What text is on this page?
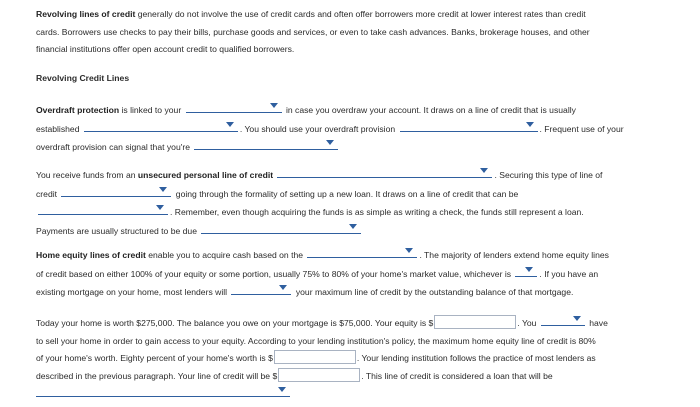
Revolving lines of credit generally do not involve the use of credit cards and often offer borrowers more credit at lower interest rates than credit
cards. Borrowers use checks to pay their bills, purchase goods and services, or even to take cash advances. Banks, brokerage houses, and other
financial institutions offer open account credit to qualified borrowers.
Revolving Credit Lines
Overdraft protection is linked to your	in case you overdraw your account. It draws on a line of credit that is usually
established	. You should use your overdraft provision	. Frequent use of your
overdraft provision can signal that you're
You receive funds from an unsecured personal line of credit	. Securing this type of line of
credit	going through the formality of setting up a new loan. It draws on a line of credit that can be

. Remember, even though acquiring the funds is as simple as writing a check, the funds still represent a loan.
Payments are usually structured to be due
Home equity lines of credit enable you to acquire cash based on the	. The majority of lenders extend home equity lines
of credit based on either 100% of your equity or some portion, usually 75% to 80% of your home's market value, whichever is	. If you have an
existing mortgage on your home, most lenders will	your maximum line of credit by the outstanding balance of that mortgage.
Today your home is worth $275,000. The balance you owe on your mortgage is $75,000. Your equity is $	. You	have
to sell your home in order to gain access to your equity. According to your lending institution's policy, the maximum home equity line of credit is 80%
of your home's worth. Eighty percent of your home's worth is $	. Your lending institution follows the practice of most lenders as
described in the previous paragraph. Your line of credit will be $	. This line of credit is considered a loan that will be
